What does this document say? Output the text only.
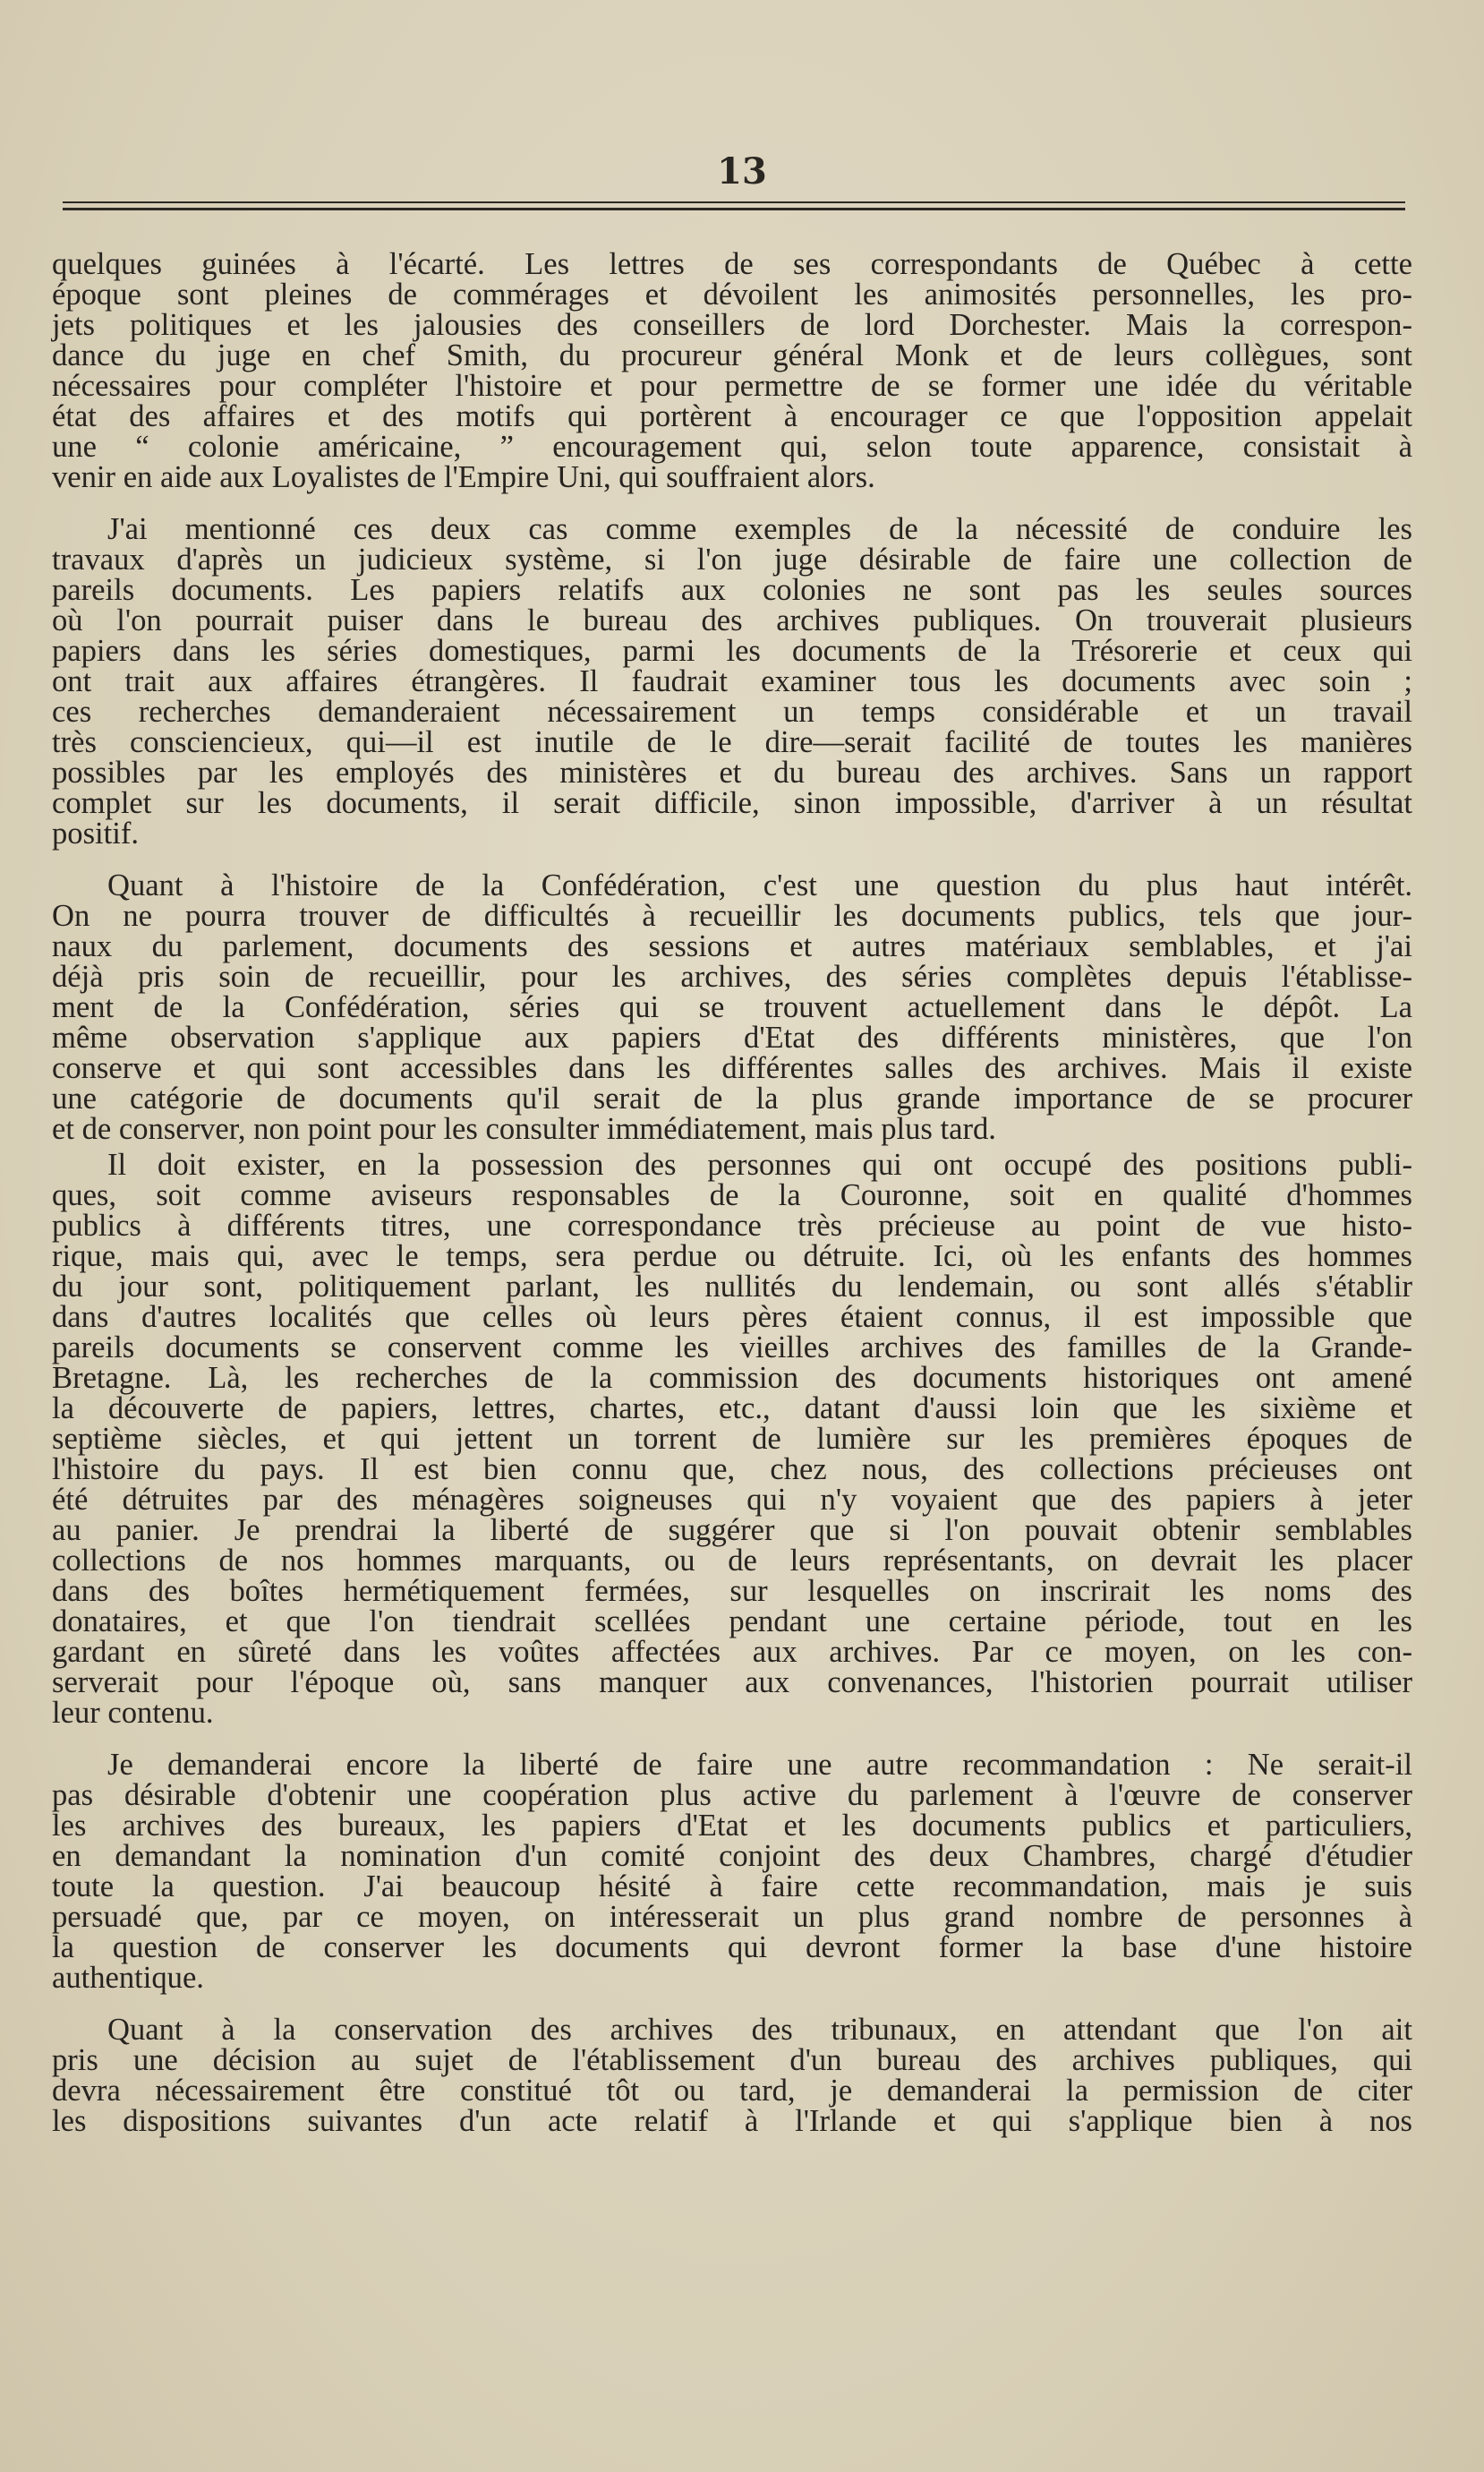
13
quelques guinées à l'écarté. Les lettres de ses correspondants de Québec à cette
époque sont pleines de commérages et dévoilent les animosités personnelles, les pro-
jets politiques et les jalousies des conseillers de lord Dorchester. Mais la correspon-
dance du juge en chef Smith, du procureur général Monk et de leurs collègues, sont
nécessaires pour compléter l'histoire et pour permettre de se former une idée du véritable
état des affaires et des motifs qui portèrent à encourager ce que l'opposition appelait
une “ colonie américaine, ” encouragement qui, selon toute apparence, consistait à
venir en aide aux Loyalistes de l'Empire Uni, qui souffraient alors.
J'ai mentionné ces deux cas comme exemples de la nécessité de conduire les
travaux d'après un judicieux système, si l'on juge désirable de faire une collection de
pareils documents. Les papiers relatifs aux colonies ne sont pas les seules sources
où l'on pourrait puiser dans le bureau des archives publiques. On trouverait plusieurs
papiers dans les séries domestiques, parmi les documents de la Trésorerie et ceux qui
ont trait aux affaires étrangères. Il faudrait examiner tous les documents avec soin ;
ces recherches demanderaient nécessairement un temps considérable et un travail
très consciencieux, qui—il est inutile de le dire—serait facilité de toutes les manières
possibles par les employés des ministères et du bureau des archives. Sans un rapport
complet sur les documents, il serait difficile, sinon impossible, d'arriver à un résultat
positif.
Quant à l'histoire de la Confédération, c'est une question du plus haut intérêt.
On ne pourra trouver de difficultés à recueillir les documents publics, tels que jour-
naux du parlement, documents des sessions et autres matériaux semblables, et j'ai
déjà pris soin de recueillir, pour les archives, des séries complètes depuis l'établisse-
ment de la Confédération, séries qui se trouvent actuellement dans le dépôt. La
même observation s'applique aux papiers d'Etat des différents ministères, que l'on
conserve et qui sont accessibles dans les différentes salles des archives. Mais il existe
une catégorie de documents qu'il serait de la plus grande importance de se procurer
et de conserver, non point pour les consulter immédiatement, mais plus tard.
Il doit exister, en la possession des personnes qui ont occupé des positions publi-
ques, soit comme aviseurs responsables de la Couronne, soit en qualité d'hommes
publics à différents titres, une correspondance très précieuse au point de vue histo-
rique, mais qui, avec le temps, sera perdue ou détruite. Ici, où les enfants des hommes
du jour sont, politiquement parlant, les nullités du lendemain, ou sont allés s'établir
dans d'autres localités que celles où leurs pères étaient connus, il est impossible que
pareils documents se conservent comme les vieilles archives des familles de la Grande-
Bretagne. Là, les recherches de la commission des documents historiques ont amené
la découverte de papiers, lettres, chartes, etc., datant d'aussi loin que les sixième et
septième siècles, et qui jettent un torrent de lumière sur les premières époques de
l'histoire du pays. Il est bien connu que, chez nous, des collections précieuses ont
été détruites par des ménagères soigneuses qui n'y voyaient que des papiers à jeter
au panier. Je prendrai la liberté de suggérer que si l'on pouvait obtenir semblables
collections de nos hommes marquants, ou de leurs représentants, on devrait les placer
dans des boîtes hermétiquement fermées, sur lesquelles on inscrirait les noms des
donataires, et que l'on tiendrait scellées pendant une certaine période, tout en les
gardant en sûreté dans les voûtes affectées aux archives. Par ce moyen, on les con-
serverait pour l'époque où, sans manquer aux convenances, l'historien pourrait utiliser
leur contenu.
Je demanderai encore la liberté de faire une autre recommandation : Ne serait-il
pas désirable d'obtenir une coopération plus active du parlement à l'œuvre de conserver
les archives des bureaux, les papiers d'Etat et les documents publics et particuliers,
en demandant la nomination d'un comité conjoint des deux Chambres, chargé d'étudier
toute la question. J'ai beaucoup hésité à faire cette recommandation, mais je suis
persuadé que, par ce moyen, on intéresserait un plus grand nombre de personnes à
la question de conserver les documents qui devront former la base d'une histoire
authentique.
Quant à la conservation des archives des tribunaux, en attendant que l'on ait
pris une décision au sujet de l'établissement d'un bureau des archives publiques, qui
devra nécessairement être constitué tôt ou tard, je demanderai la permission de citer
les dispositions suivantes d'un acte relatif à l'Irlande et qui s'applique bien à nos
